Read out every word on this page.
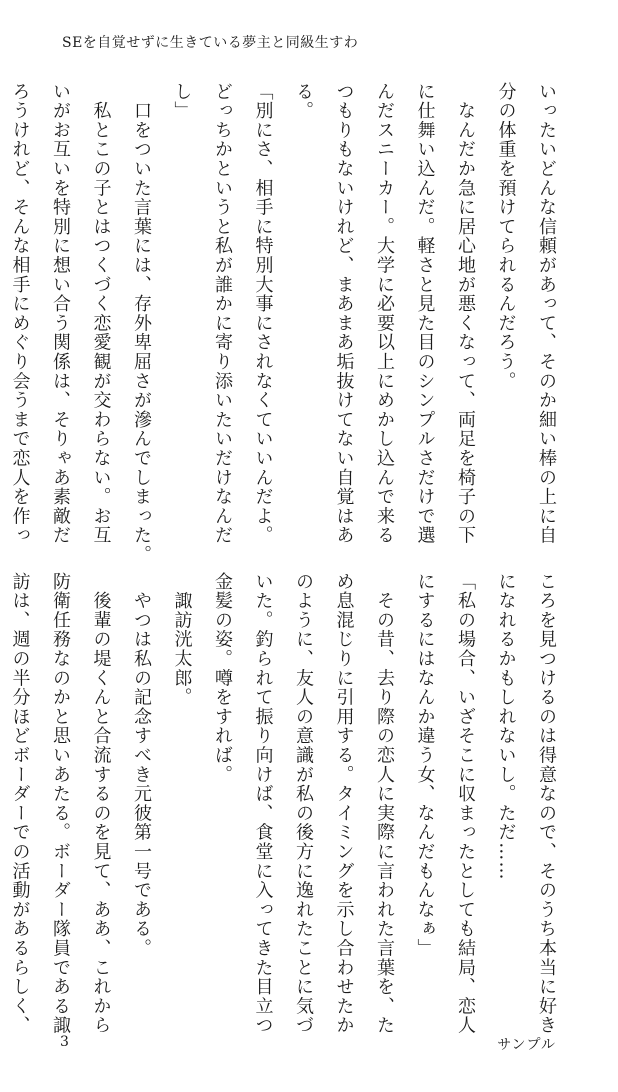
SEを自覚せずに生きている夢主と同級生すわ

いったいどんな信頼があって、そのか細い棒の上に自

分の体重を預けてられるんだろう。

　なんだか急に居心地が悪くなって、両足を椅子の下

に仕舞い込んだ。軽さと見た目のシンプルさだけで選

んだスニーカー。大学に必要以上にめかし込んで来る

つもりもないけれど、まあまあ垢抜けてない自覚はあ

る。

「別にさ、相手に特別大事にされなくていいんだよ。

どっちかというと私が誰かに寄り添いたいだけなんだ

し」

　口をついた言葉には、存外卑屈さが滲んでしまった。

　私とこの子とはつくづく恋愛観が交わらない。お互

いがお互いを特別に想い合う関係は、そりゃあ素敵だ

ろうけれど、そんな相手にめぐり会うまで恋人を作っ

ころを見つけるのは得意なので、そのうち本当に好き

になれるかもしれないし。ただ……

「私の場合、いざそこに収まったとしても結局、恋人

にするにはなんか違う女、なんだもんなぁ」

　その昔、去り際の恋人に実際に言われた言葉を、た

め息混じりに引用する。タイミングを示し合わせたか

のように、友人の意識が私の後方に逸れたことに気づ

いた。釣られて振り向けば、食堂に入ってきた目立つ

金髪の姿。噂をすれば。

　諏訪洸太郎。

　やつは私の記念すべき元彼第一号である。

　後輩の堤くんと合流するのを見て、ああ、これから

防衛任務なのかと思いあたる。ボーダー隊員である諏

訪は、週の半分ほどボーダーでの活動があるらしく、

3	サンプル
